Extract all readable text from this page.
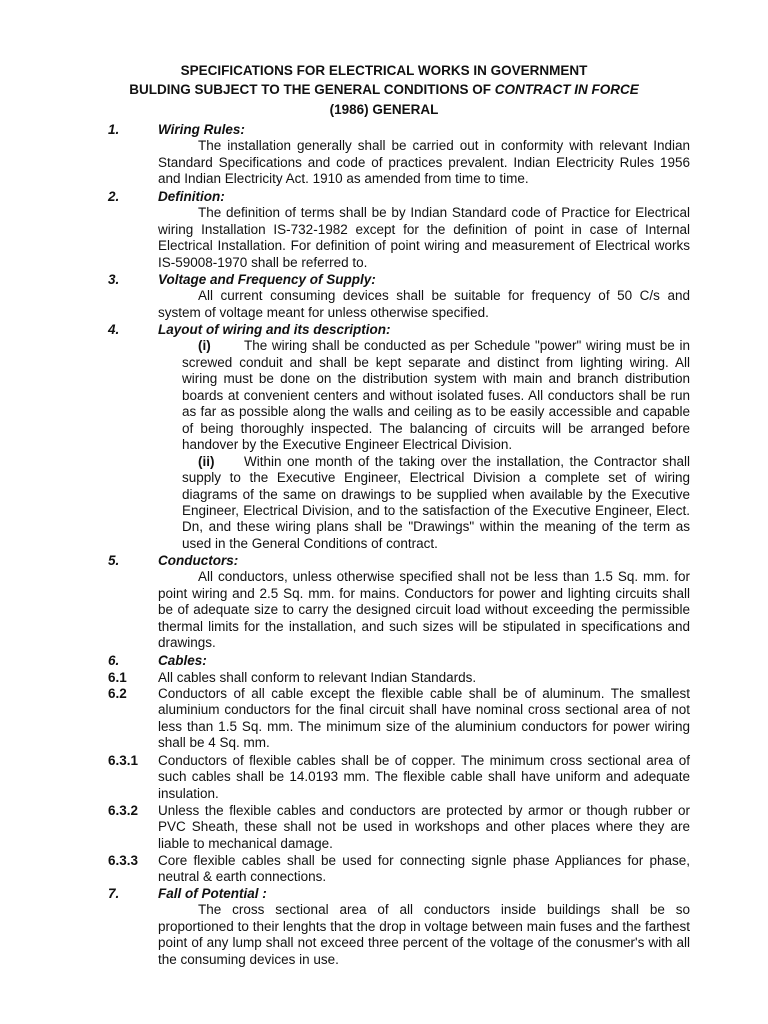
SPECIFICATIONS FOR ELECTRICAL WORKS IN GOVERNMENT
BULDING SUBJECT TO THE GENERAL CONDITIONS OF CONTRACT IN FORCE
(1986) GENERAL
1.	Wiring Rules:
The installation generally shall be carried out in conformity with relevant Indian Standard Specifications and code of practices prevalent. Indian Electricity Rules 1956 and Indian Electricity Act. 1910 as amended from time to time.
2.	Definition:
The definition of terms shall be by Indian Standard code of Practice for Electrical wiring Installation IS-732-1982 except for the definition of point in case of Internal Electrical Installation. For definition of point wiring and measurement of Electrical works IS-59008-1970 shall be referred to.
3.	Voltage and Frequency of Supply:
All current consuming devices shall be suitable for frequency of 50 C/s and system of voltage meant for unless otherwise specified.
4.	Layout of wiring and its description:
(i) The wiring shall be conducted as per Schedule "power" wiring must be in screwed conduit and shall be kept separate and distinct from lighting wiring. All wiring must be done on the distribution system with main and branch distribution boards at convenient centers and without isolated fuses. All conductors shall be run as far as possible along the walls and ceiling as to be easily accessible and capable of being thoroughly inspected. The balancing of circuits will be arranged before handover by the Executive Engineer Electrical Division.
(ii) Within one month of the taking over the installation, the Contractor shall supply to the Executive Engineer, Electrical Division a complete set of wiring diagrams of the same on drawings to be supplied when available by the Executive Engineer, Electrical Division, and to the satisfaction of the Executive Engineer, Elect. Dn, and these wiring plans shall be "Drawings" within the meaning of the term as used in the General Conditions of contract.
5.	Conductors:
All conductors, unless otherwise specified shall not be less than 1.5 Sq. mm. for point wiring and 2.5 Sq. mm. for mains. Conductors for power and lighting circuits shall be of adequate size to carry the designed circuit load without exceeding the permissible thermal limits for the installation, and such sizes will be stipulated in specifications and drawings.
6.	Cables:
6.1 All cables shall conform to relevant Indian Standards.
6.2 Conductors of all cable except the flexible cable shall be of aluminum. The smallest aluminium conductors for the final circuit shall have nominal cross sectional area of not less than 1.5 Sq. mm. The minimum size of the aluminium conductors for power wiring shall be 4 Sq. mm.
6.3.1 Conductors of flexible cables shall be of copper. The minimum cross sectional area of such cables shall be 14.0193 mm. The flexible cable shall have uniform and adequate insulation.
6.3.2 Unless the flexible cables and conductors are protected by armor or though rubber or PVC Sheath, these shall not be used in workshops and other places where they are liable to mechanical damage.
6.3.3 Core flexible cables shall be used for connecting signle phase Appliances for phase, neutral & earth connections.
7.	Fall of Potential :
The cross sectional area of all conductors inside buildings shall be so proportioned to their lenghts that the drop in voltage between main fuses and the farthest point of any lump shall not exceed three percent of the voltage of the conusmer's with all the consuming devices in use.
